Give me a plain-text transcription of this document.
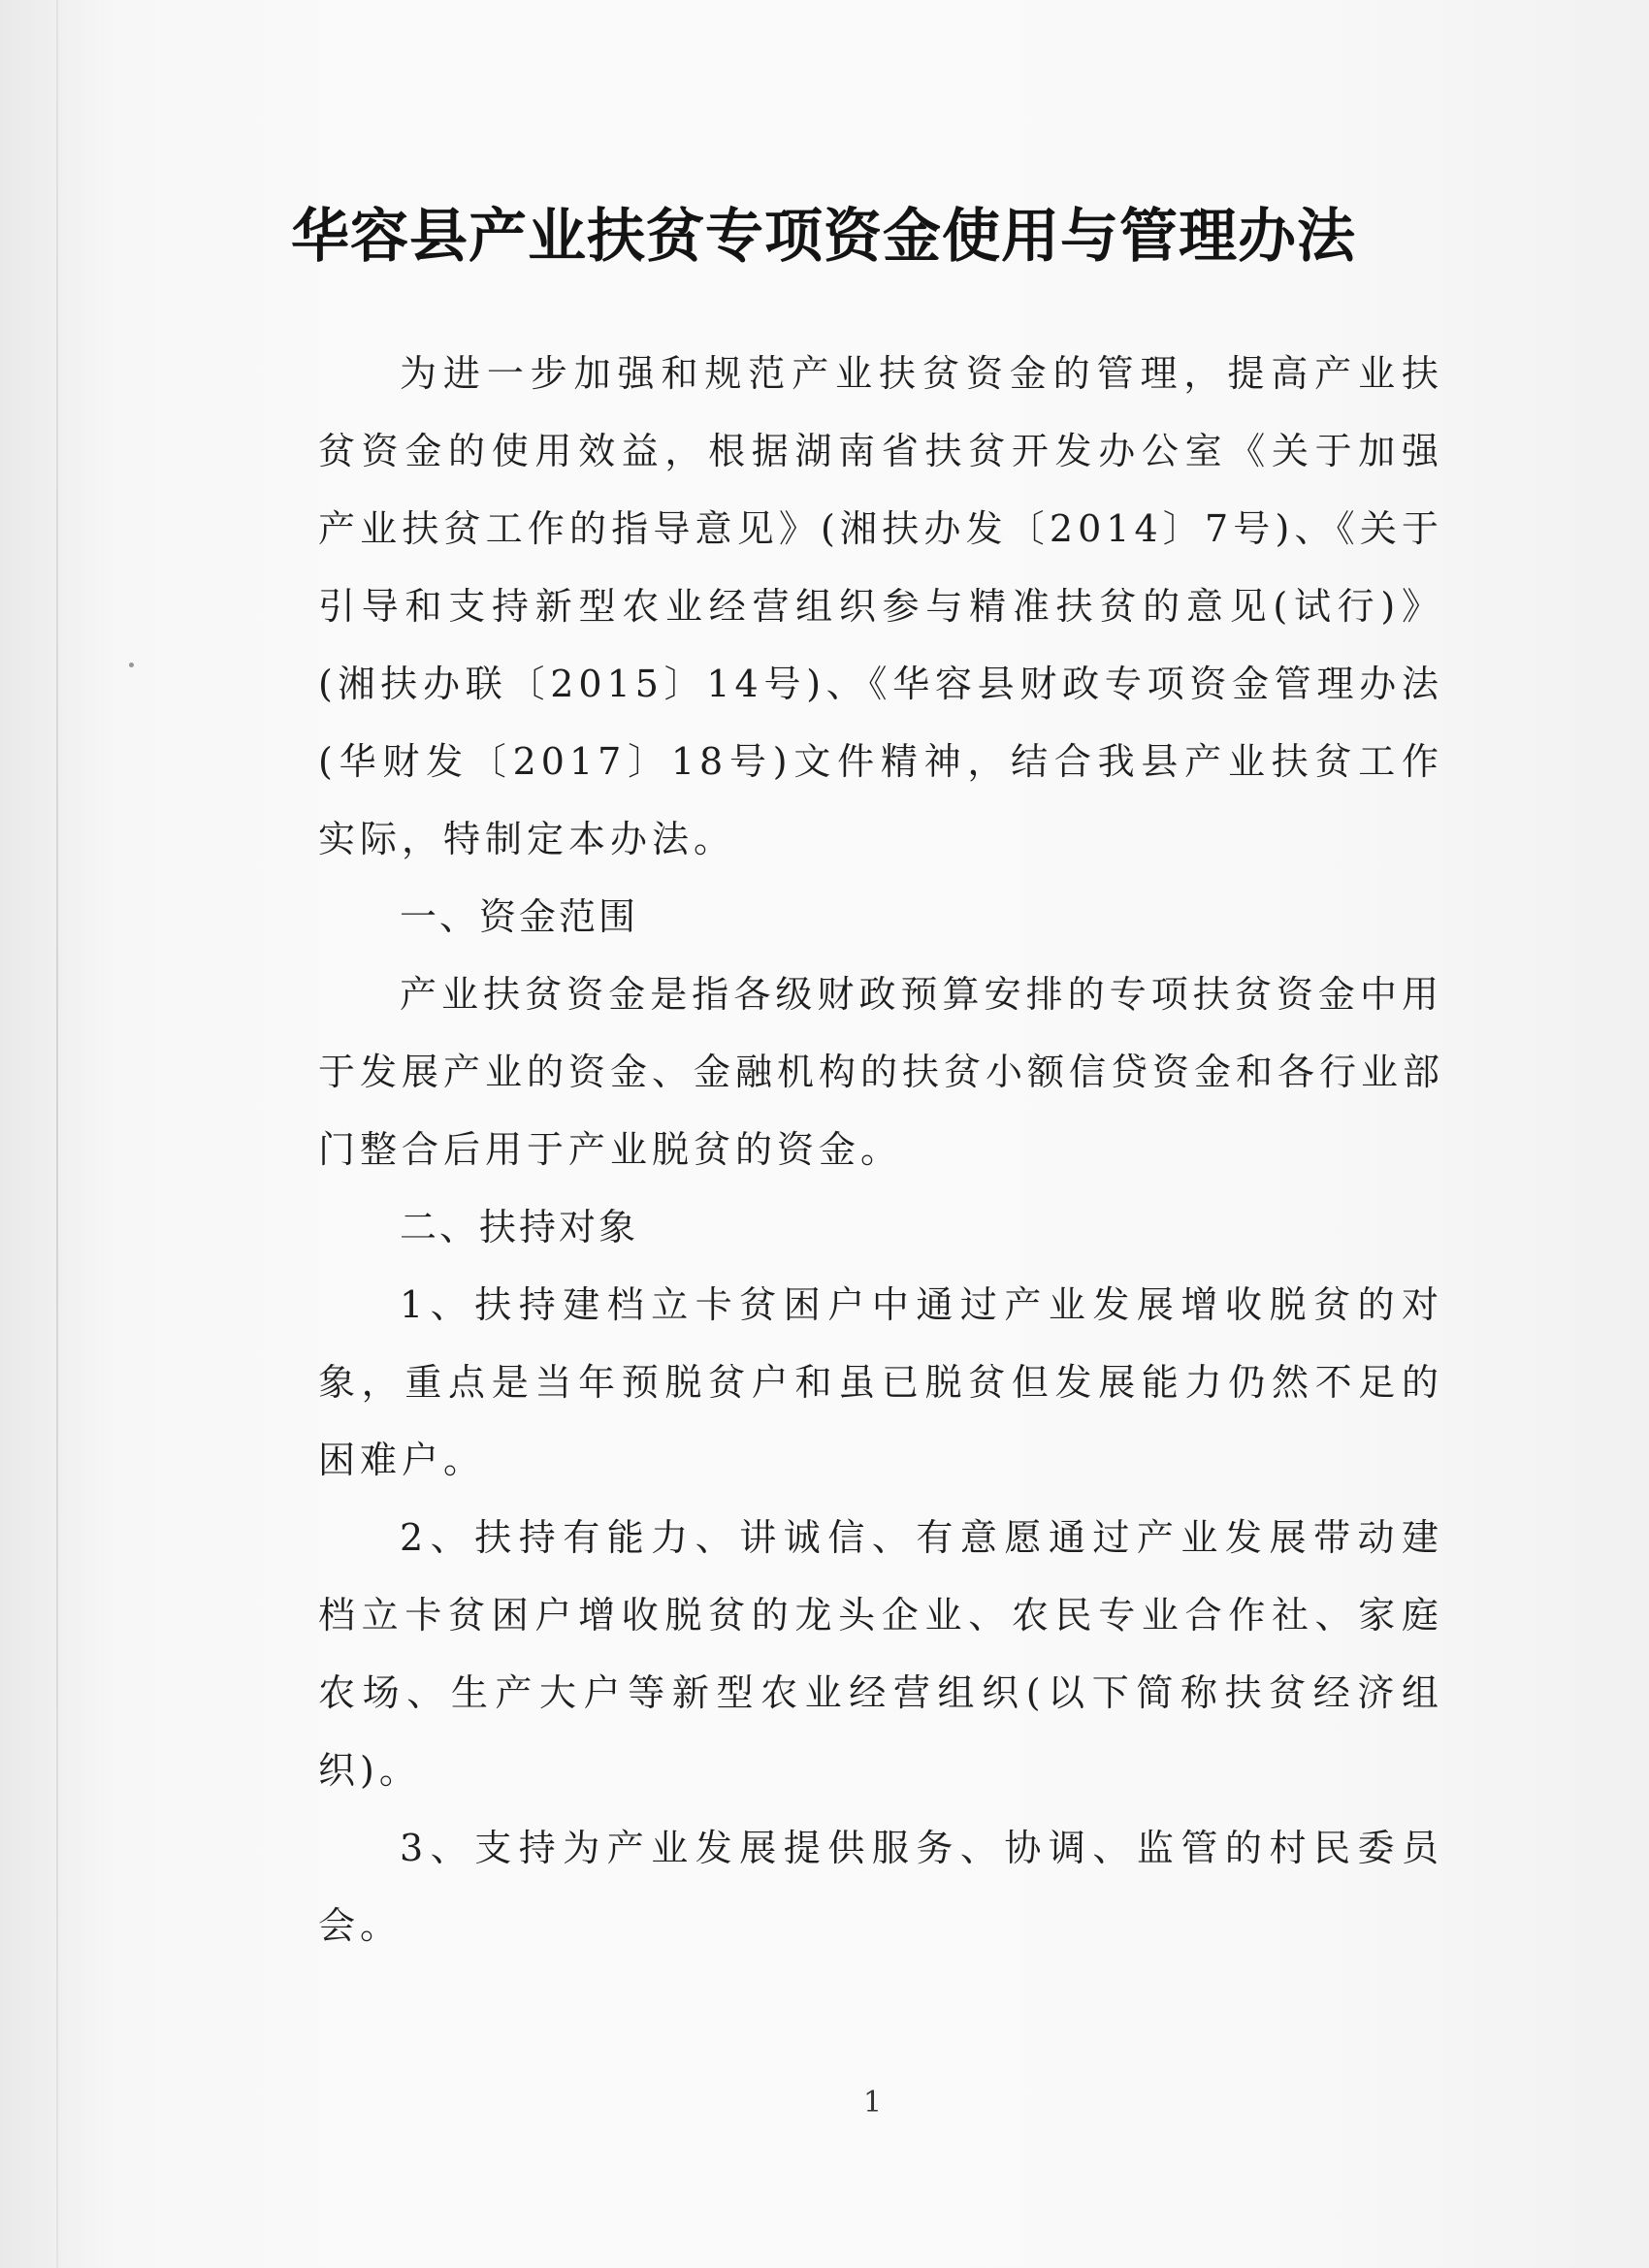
华容县产业扶贫专项资金使用与管理办法
为进一步加强和规范产业扶贫资金的管理，提高产业扶
贫资金的使用效益，根据湖南省扶贫开发办公室《关于加强
产业扶贫工作的指导意见》(湘扶办发〔2014〕7号)、《关于
引导和支持新型农业经营组织参与精准扶贫的意见(试行)》
(湘扶办联〔2015〕14号)、《华容县财政专项资金管理办法
(华财发〔2017〕18号)文件精神，结合我县产业扶贫工作
实际，特制定本办法。
一、资金范围
产业扶贫资金是指各级财政预算安排的专项扶贫资金中用
于发展产业的资金、金融机构的扶贫小额信贷资金和各行业部
门整合后用于产业脱贫的资金。
二、扶持对象
1、扶持建档立卡贫困户中通过产业发展增收脱贫的对
象，重点是当年预脱贫户和虽已脱贫但发展能力仍然不足的
困难户。
2、扶持有能力、讲诚信、有意愿通过产业发展带动建
档立卡贫困户增收脱贫的龙头企业、农民专业合作社、家庭
农场、生产大户等新型农业经营组织(以下简称扶贫经济组
织)。
3、支持为产业发展提供服务、协调、监管的村民委员
会。
1
